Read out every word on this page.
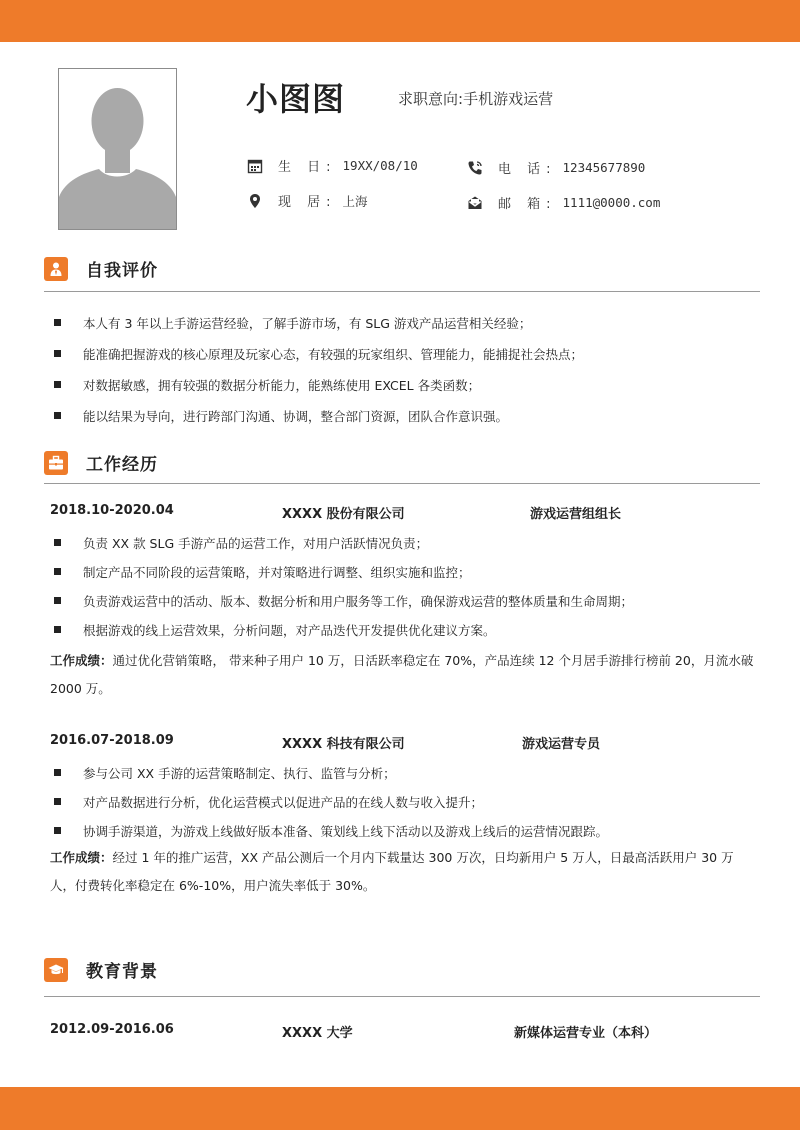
小图图	求职意向:手机游戏运营
生 日: 19XX/08/10	电 话: 12345677890
现 居: 上海	邮 箱: 1111@0000.com
自我评价
本人有 3 年以上手游运营经验，了解手游市场，有 SLG 游戏产品运营相关经验；
能准确把握游戏的核心原理及玩家心态，有较强的玩家组织、管理能力，能捕捉社会热点；
对数据敏感，拥有较强的数据分析能力，能熟练使用 EXCEL 各类函数；
能以结果为导向，进行跨部门沟通、协调，整合部门资源，团队合作意识强。
工作经历
2018.10-2020.04	XXXX 股份有限公司	游戏运营组组长
负责 XX 款 SLG 手游产品的运营工作，对用户活跃情况负责；
制定产品不同阶段的运营策略，并对策略进行调整、组织实施和监控；
负责游戏运营中的活动、版本、数据分析和用户服务等工作，确保游戏运营的整体质量和生命周期；
根据游戏的线上运营效果，分析问题，对产品迭代开发提供优化建议方案。
工作成绩：通过优化营销策略， 带来种子用户 10 万，日活跃率稳定在 70%，产品连续 12 个月居手游排行榜前 20，月流水破 2000 万。
2016.07-2018.09	XXXX 科技有限公司	游戏运营专员
参与公司 XX 手游的运营策略制定、执行、监管与分析；
对产品数据进行分析，优化运营模式以促进产品的在线人数与收入提升；
协调手游渠道，为游戏上线做好版本准备、策划线上线下活动以及游戏上线后的运营情况跟踪。
工作成绩：经过 1 年的推广运营，XX 产品公测后一个月内下载量达 300 万次，日均新用户 5 万人，日最高活跃用户 30 万人，付费转化率稳定在 6%-10%，用户流失率低于 30%。
教育背景
2012.09-2016.06	XXXX 大学	新媒体运营专业（本科）
